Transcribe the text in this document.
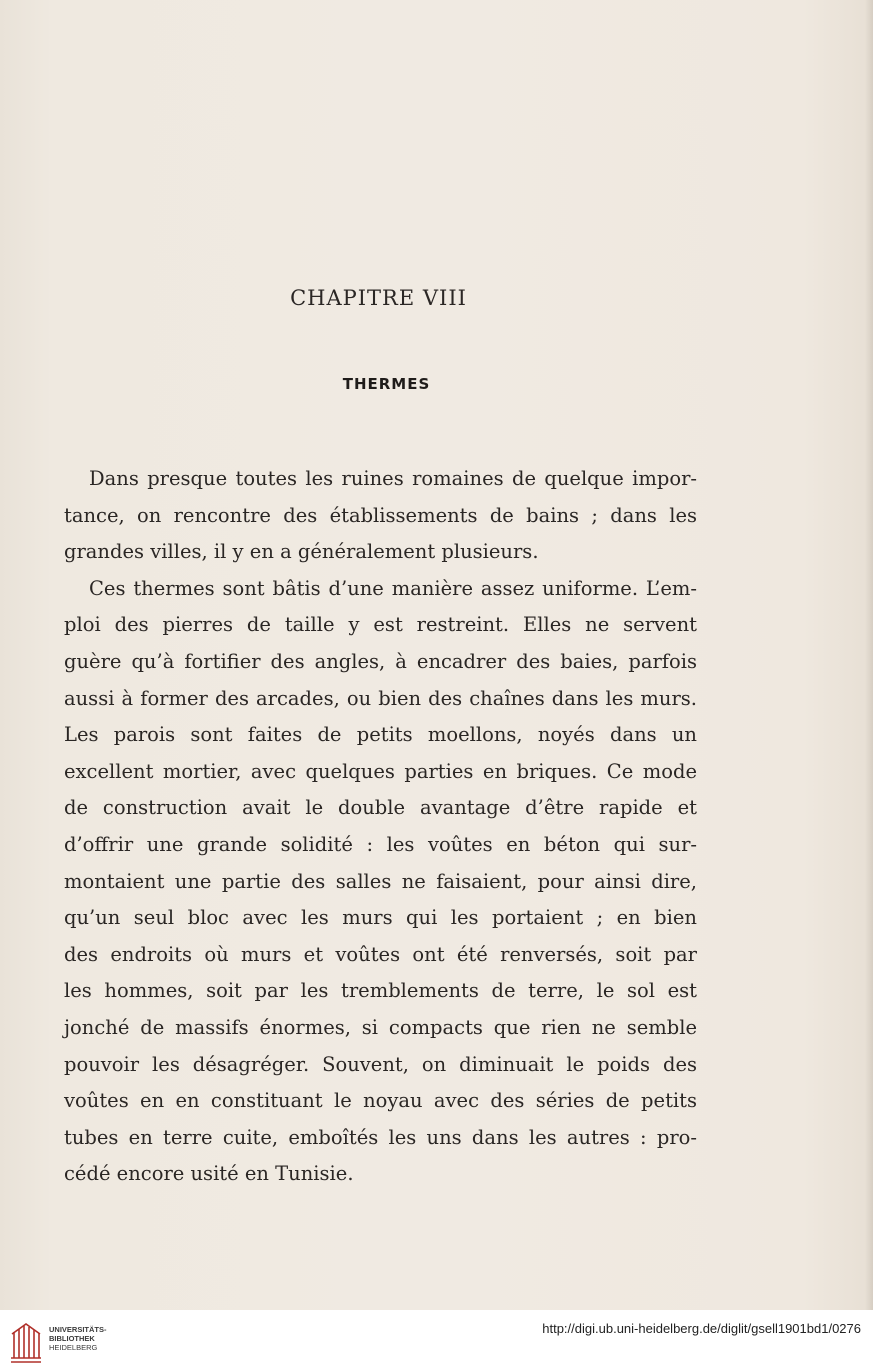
CHAPITRE VIII
THERMES
Dans presque toutes les ruines romaines de quelque impor-
tance, on rencontre des établissements de bains ; dans les
grandes villes, il y en a généralement plusieurs.
Ces thermes sont bâtis d’une manière assez uniforme. L’em-
ploi des pierres de taille y est restreint. Elles ne servent
guère qu’à fortifier des angles, à encadrer des baies, parfois
aussi à former des arcades, ou bien des chaînes dans les murs.
Les parois sont faites de petits moellons, noyés dans un
excellent mortier, avec quelques parties en briques. Ce mode
de construction avait le double avantage d’être rapide et
d’offrir une grande solidité : les voûtes en béton qui sur-
montaient une partie des salles ne faisaient, pour ainsi dire,
qu’un seul bloc avec les murs qui les portaient ; en bien
des endroits où murs et voûtes ont été renversés, soit par
les hommes, soit par les tremblements de terre, le sol est
jonché de massifs énormes, si compacts que rien ne semble
pouvoir les désagréger. Souvent, on diminuait le poids des
voûtes en en constituant le noyau avec des séries de petits
tubes en terre cuite, emboîtés les uns dans les autres : pro-
cédé encore usité en Tunisie.
UNIVERSITÄTS-
BIBLIOTHEK
HEIDELBERG
http://digi.ub.uni-heidelberg.de/diglit/gsell1901bd1/0276
